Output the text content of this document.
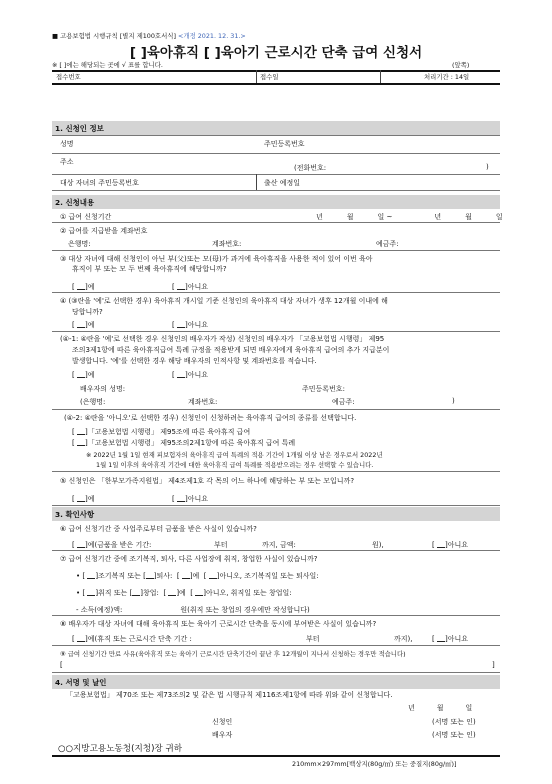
■ 고용보험법 시행규칙 [별지 제100호서식] <개정 2021. 12. 31.>
[ ]육아휴직 [ ]육아기 근로시간 단축 급여 신청서
※ [ ]에는 해당되는 곳에 √ 표를 합니다.	(앞쪽)
접수번호	접수일	처리기간 : 14일
1. 신청인 정보
성명	주민등록번호
주소
(전화번호:	)
대상 자녀의 주민등록번호	출산 예정일
2. 신청내용
① 급여 신청기간	년	월	일 ~	년	월	일
② 급여를 지급받을 계좌번호
은행명:	계좌번호:	예금주:
③ 대상 자녀에 대해 신청인이 아닌 부(父)또는 모(母)가 과거에 육아휴직을 사용한 적이 있어 이번 육아
휴직이 부 또는 모 두 번째 육아휴직에 해당합니까?
[ ]예	[ ]아니요
④ (③란을 '예'로 선택한 경우) 육아휴직 개시일 기준 신청인의 육아휴직 대상 자녀가 생후 12개월 이내에 해
당합니까?
[ ]예	[ ]아니요
(④-1: ④란을 '예'로 선택한 경우 신청인의 배우자가 작성) 신청인의 배우자가 「고용보험법 시행령」 제95
조의3제1항에 따른 육아휴직급여 특례 규정을 적용받게 되면 배우자에게 육아휴직 급여의 추가 지급분이
발생합니다. '예'를 선택한 경우 해당 배우자의 인적사항 및 계좌번호를 적습니다.
[ ]예	[ ]아니요
배우자의 성명:	주민등록번호:
(은행명:	계좌번호:	예금주:	)
(④-2: ④란을 '아니오'로 선택한 경우) 신청인이 신청하려는 육아휴직 급여의 종류를 선택합니다.
[ ]「고용보험법 시행령」 제95조에 따른 육아휴직 급여
[ ]「고용보험법 시행령」 제95조의2제1항에 따른 육아휴직 급여 특례
※ 2022년 1월 1일 현재 피보험자의 육아휴직 급여 특례의 적용 기간이 1개월 이상 남은 경우로서 2022년
1월 1일 이후의 육아휴직 기간에 대한 육아휴직 급여 특례를 적용받으려는 경우 선택할 수 있습니다.
⑤ 신청인은 「한부모가족지원법」 제4조제1호 각 목의 어느 하나에 해당하는 부 또는 모입니까?
[ ]예	[ ]아니요
3. 확인사항
⑥ 급여 신청기간 중 사업주로부터 금품을 받은 사실이 있습니까?
[ ]예(금품을 받은 기간:	부터	까지, 금액:	원),	[ ]아니요
⑦ 급여 신청기간 중에 조기복직, 퇴사, 다른 사업장에 취직, 창업한 사실이 있습니까?
• [ ]조기복직 또는 [ ]퇴사:  [ ]예  [ ]아니오, 조기복직일 또는 퇴사일:
• [ ]취직 또는 [ ]창업:  [ ]예  [ ]아니오, 취직일 또는 창업일:
- 소득(예정)액:	원(취직 또는 창업의 경우에만 작성합니다)
⑧ 배우자가 대상 자녀에 대해 육아휴직 또는 육아기 근로시간 단축을 동시에 부여받은 사실이 있습니까?
[ ]예(휴직 또는 근로시간 단축 기간 :	부터	까지),	[ ]아니요
⑨ 급여 신청기간 만료 사유(육아휴직 또는 육아기 근로시간 단축기간이 끝난 후 12개월이 지나서 신청하는 경우만 적습니다)
[	]
4. 서명 및 날인
「고용보험법」 제70조 또는 제73조의2 및 같은 법 시행규칙 제116조제1항에 따라 위와 같이 신청합니다.
년	월	일
신청인	(서명 또는 인)
배우자	(서명 또는 인)
○○지방고용노동청(지청)장 귀하
210mm×297mm[백상지(80g/㎡) 또는 중질지(80g/㎡)]
